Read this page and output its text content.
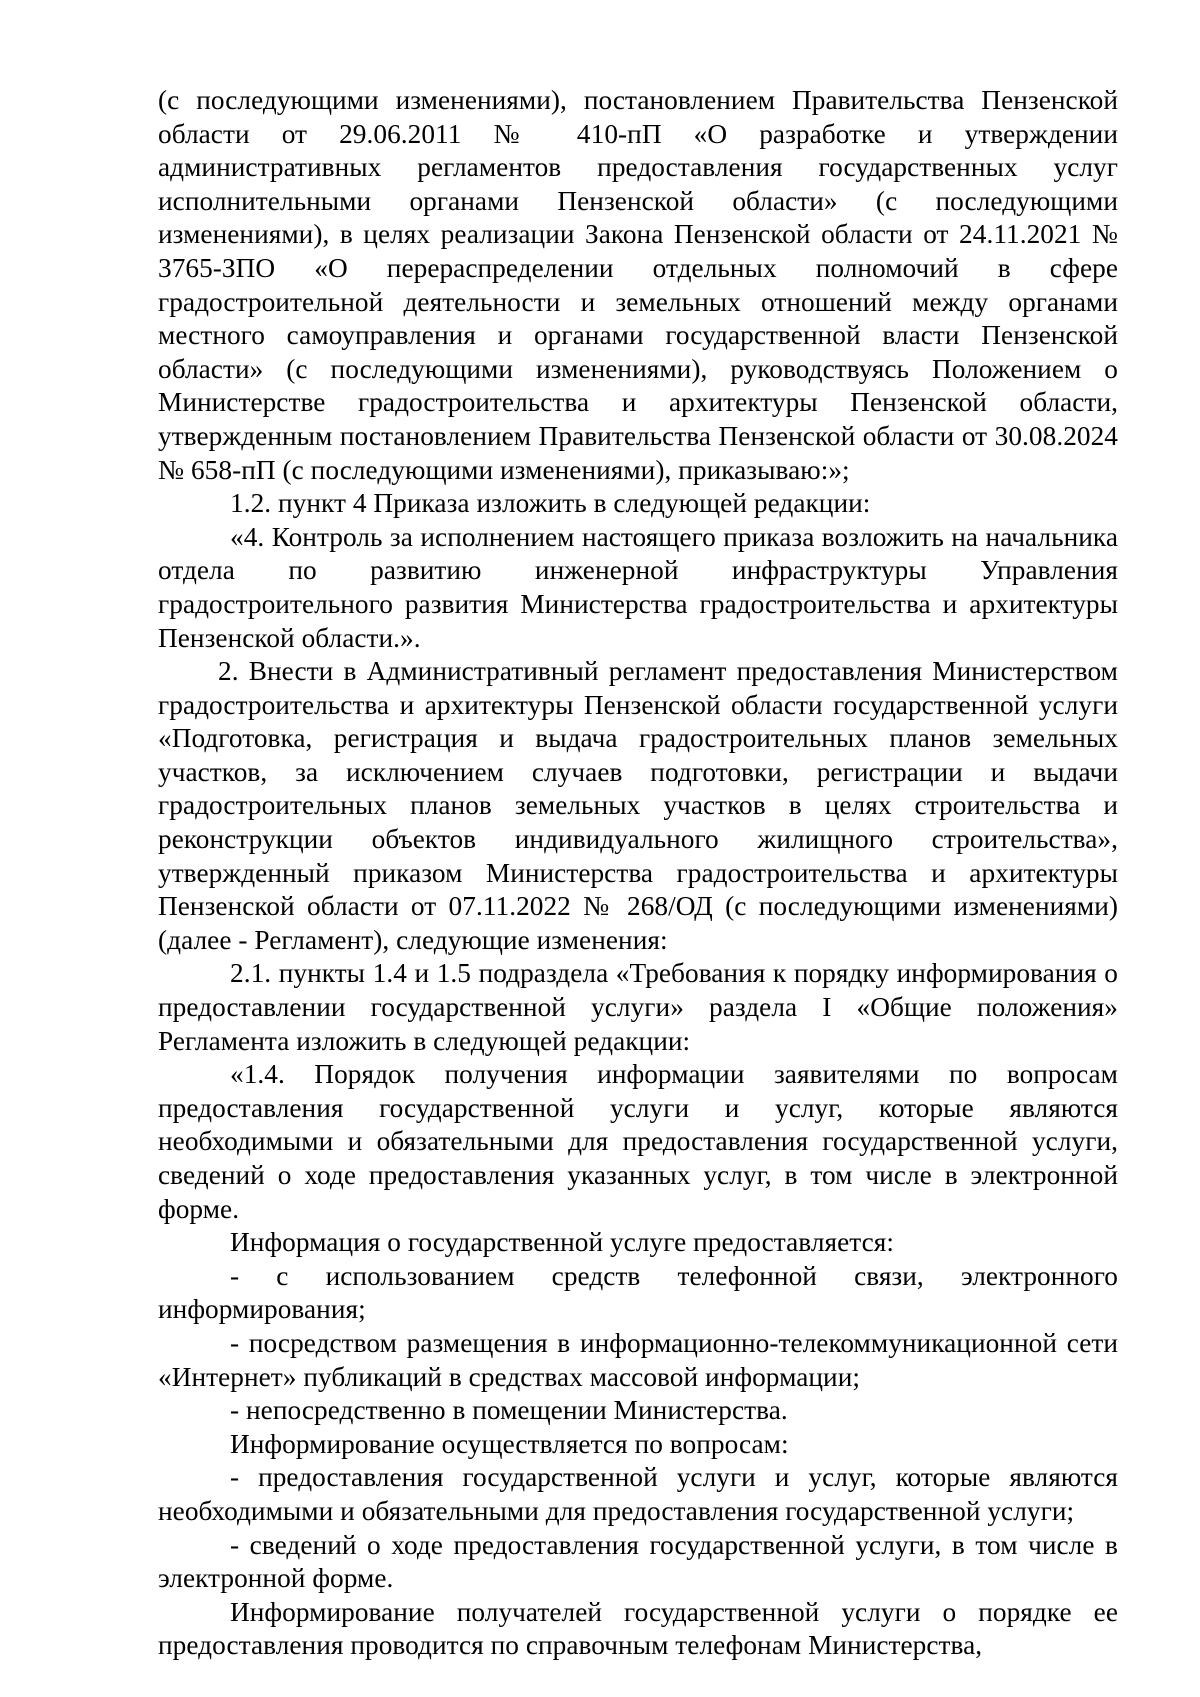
(с последующими изменениями), постановлением Правительства Пензенской области от 29.06.2011 № 410-пП «О разработке и утверждении административных регламентов предоставления государственных услуг исполнительными органами Пензенской области» (с последующими изменениями), в целях реализации Закона Пензенской области от 24.11.2021 № 3765-ЗПО «О перераспределении отдельных полномочий в сфере градостроительной деятельности и земельных отношений между органами местного самоуправления и органами государственной власти Пензенской области» (с последующими изменениями), руководствуясь Положением о Министерстве градостроительства и архитектуры Пензенской области, утвержденным постановлением Правительства Пензенской области от 30.08.2024 № 658-пП (с последующими изменениями), приказываю:»;

1.2. пункт 4 Приказа изложить в следующей редакции:

«4. Контроль за исполнением настоящего приказа возложить на начальника отдела по развитию инженерной инфраструктуры Управления градостроительного развития Министерства градостроительства и архитектуры Пензенской области.».

2. Внести в Административный регламент предоставления Министерством градостроительства и архитектуры Пензенской области государственной услуги «Подготовка, регистрация и выдача градостроительных планов земельных участков, за исключением случаев подготовки, регистрации и выдачи градостроительных планов земельных участков в целях строительства и реконструкции объектов индивидуального жилищного строительства», утвержденный приказом Министерства градостроительства и архитектуры Пензенской области от 07.11.2022 № 268/ОД (с последующими изменениями) (далее - Регламент), следующие изменения:

2.1. пункты 1.4 и 1.5 подраздела «Требования к порядку информирования о предоставлении государственной услуги» раздела I «Общие положения» Регламента изложить в следующей редакции:

«1.4. Порядок получения информации заявителями по вопросам предоставления государственной услуги и услуг, которые являются необходимыми и обязательными для предоставления государственной услуги, сведений о ходе предоставления указанных услуг, в том числе в электронной форме.

Информация о государственной услуге предоставляется:

- с использованием средств телефонной связи, электронного информирования;

- посредством размещения в информационно-телекоммуникационной сети «Интернет» публикаций в средствах массовой информации;

- непосредственно в помещении Министерства.

Информирование осуществляется по вопросам:

- предоставления государственной услуги и услуг, которые являются необходимыми и обязательными для предоставления государственной услуги;

- сведений о ходе предоставления государственной услуги, в том числе в электронной форме.

Информирование получателей государственной услуги о порядке ее предоставления проводится по справочным телефонам Министерства,
